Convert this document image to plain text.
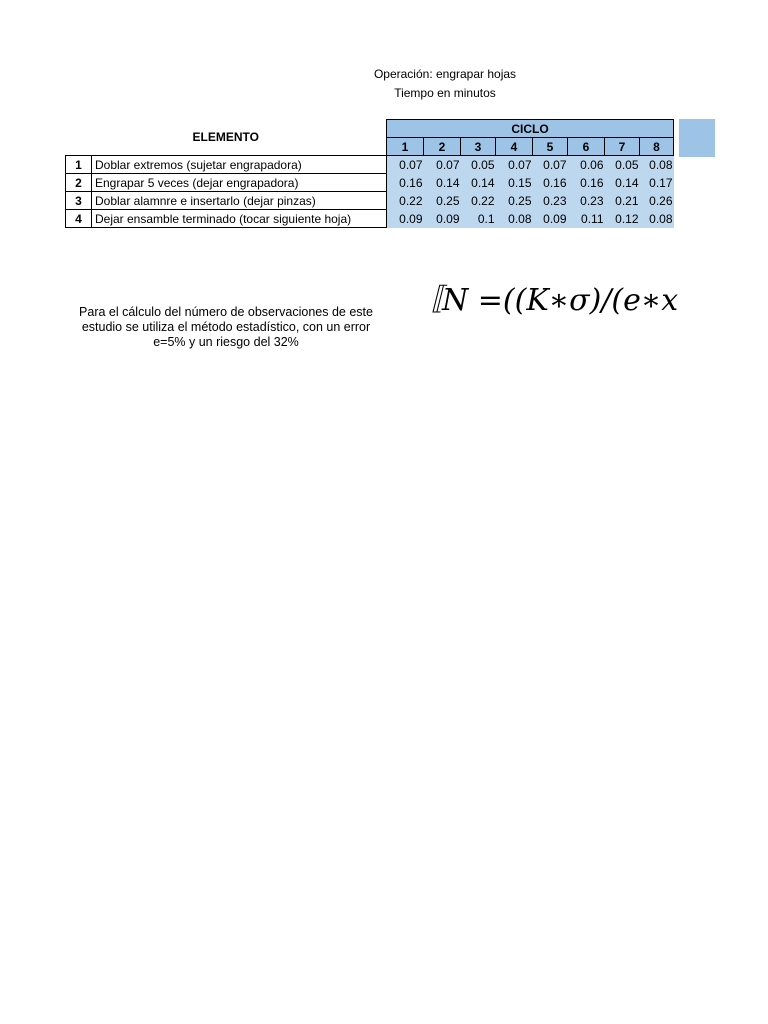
Operación: engrapar hojas
Tiempo en minutos
ELEMENTO		CICLO							
		1	2	3	4	5	6	7	8
1	Doblar extremos (sujetar engrapadora)	0.07	0.07	0.05	0.07	0.07	0.06	0.05	0.08
2	Engrapar 5 veces (dejar engrapadora)	0.16	0.14	0.14	0.15	0.16	0.16	0.14	0.17
3	Doblar alamnre e insertarlo (dejar pinzas)	0.22	0.25	0.22	0.25	0.23	0.23	0.21	0.26
4	Dejar ensamble terminado (tocar siguiente hoja)	0.09	0.09	0.1	0.08	0.09	0.11	0.12	0.08
Para el cálculo del número de observaciones de este estudio se utiliza el método estadístico, con un error e=5% y un riesgo del 32%
〚N =((K∗σ)/(e∗x
